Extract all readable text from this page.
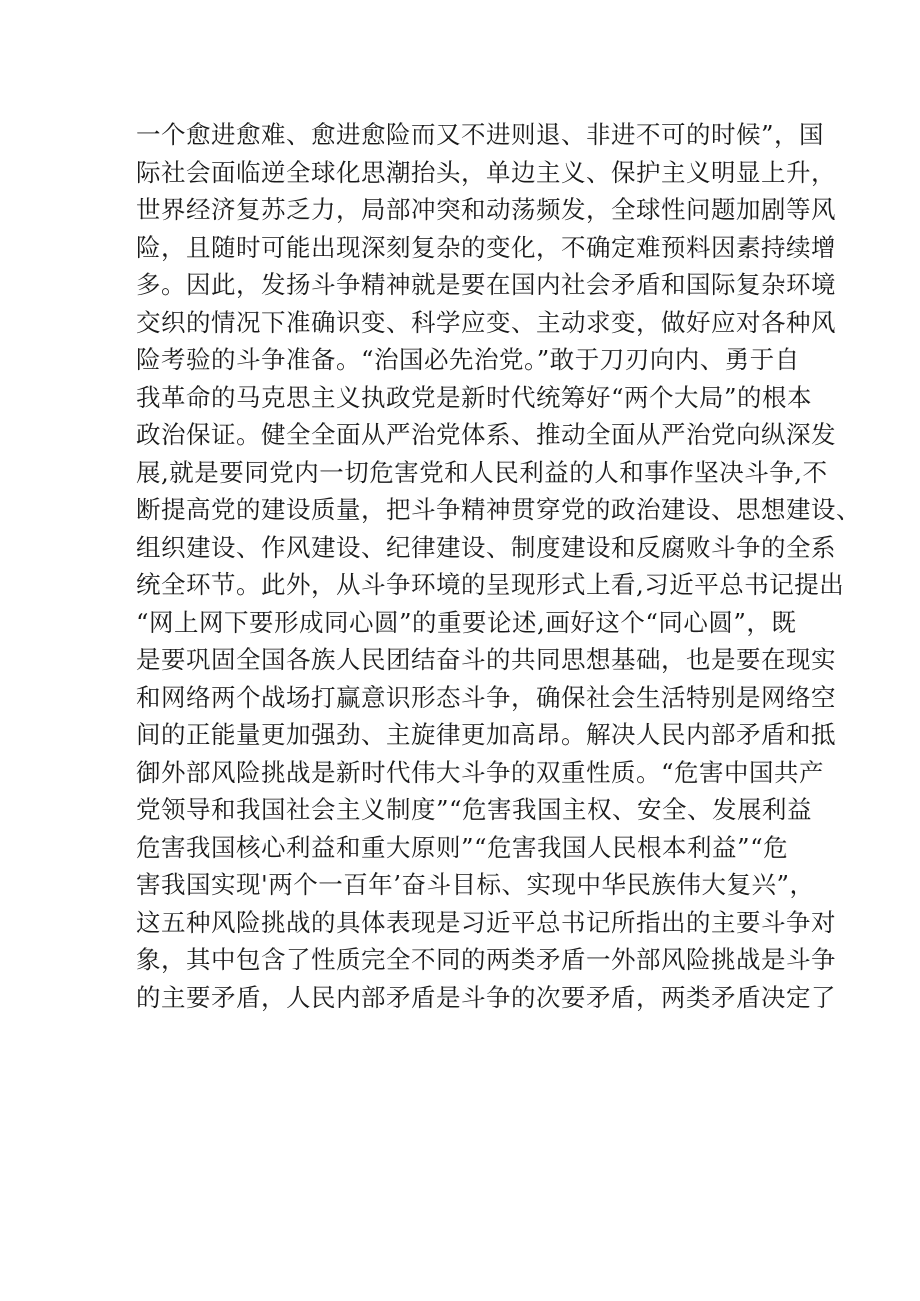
一个愈进愈难、愈进愈险而又不进则退、非进不可的时候”，国
际社会面临逆全球化思潮抬头，单边主义、保护主义明显上升，
世界经济复苏乏力，局部冲突和动荡频发，全球性问题加剧等风
险，且随时可能出现深刻复杂的变化，不确定难预料因素持续增
多。因此，发扬斗争精神就是要在国内社会矛盾和国际复杂环境
交织的情况下准确识变、科学应变、主动求变，做好应对各种风
险考验的斗争准备。“治国必先治党。”敢于刀刃向内、勇于自
我革命的马克思主义执政党是新时代统筹好“两个大局”的根本
政治保证。健全全面从严治党体系、推动全面从严治党向纵深发
展,就是要同党内一切危害党和人民利益的人和事作坚决斗争,不
断提高党的建设质量，把斗争精神贯穿党的政治建设、思想建设、
组织建设、作风建设、纪律建设、制度建设和反腐败斗争的全系
统全环节。此外，从斗争环境的呈现形式上看,习近平总书记提出
“网上网下要形成同心圆”的重要论述,画好这个“同心圆”，既
是要巩固全国各族人民团结奋斗的共同思想基础，也是要在现实
和网络两个战场打赢意识形态斗争，确保社会生活特别是网络空
间的正能量更加强劲、主旋律更加高昂。解决人民内部矛盾和抵
御外部风险挑战是新时代伟大斗争的双重性质。“危害中国共产
党领导和我国社会主义制度”“危害我国主权、安全、发展利益
危害我国核心利益和重大原则”“危害我国人民根本利益”“危
害我国实现'两个一百年’奋斗目标、实现中华民族伟大复兴”，
这五种风险挑战的具体表现是习近平总书记所指出的主要斗争对
象，其中包含了性质完全不同的两类矛盾一外部风险挑战是斗争
的主要矛盾，人民内部矛盾是斗争的次要矛盾，两类矛盾决定了
